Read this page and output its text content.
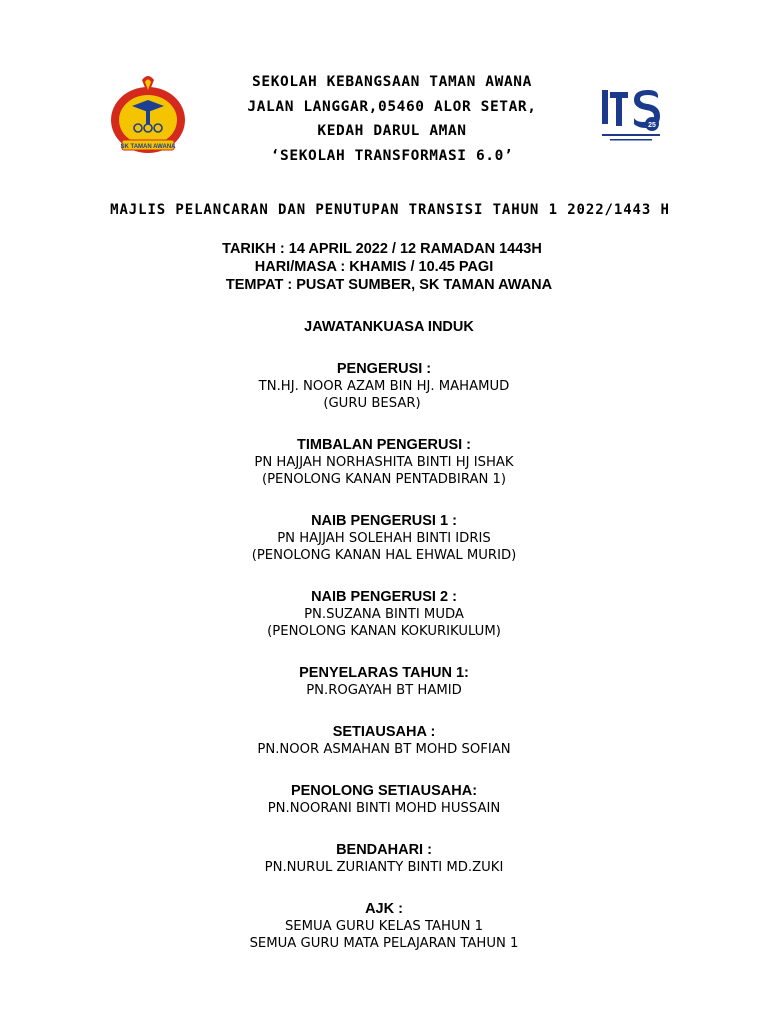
SK TAMAN AWANA
25
SEKOLAH KEBANGSAAN TAMAN AWANA
JALAN LANGGAR,05460 ALOR SETAR,
KEDAH DARUL AMAN
‘SEKOLAH TRANSFORMASI 6.0’
MAJLIS PELANCARAN DAN PENUTUPAN TRANSISI TAHUN 1 2022/1443 H
TARIKH : 14 APRIL 2022 / 12 RAMADAN 1443H
HARI/MASA : KHAMIS / 10.45 PAGI
TEMPAT : PUSAT SUMBER, SK TAMAN AWANA
JAWATANKUASA INDUK
PENGERUSI :
TN.HJ. NOOR AZAM BIN HJ. MAHAMUD
(GURU BESAR)
TIMBALAN PENGERUSI :
PN HAJJAH NORHASHITA BINTI HJ ISHAK
(PENOLONG KANAN PENTADBIRAN 1)
NAIB PENGERUSI 1 :
PN HAJJAH SOLEHAH BINTI IDRIS
(PENOLONG KANAN HAL EHWAL MURID)
NAIB PENGERUSI 2 :
PN.SUZANA BINTI MUDA
(PENOLONG KANAN KOKURIKULUM)
PENYELARAS TAHUN 1:
PN.ROGAYAH BT HAMID
SETIAUSAHA :
PN.NOOR ASMAHAN BT MOHD SOFIAN
PENOLONG SETIAUSAHA:
PN.NOORANI BINTI MOHD HUSSAIN
BENDAHARI :
PN.NURUL ZURIANTY BINTI MD.ZUKI
AJK :
SEMUA GURU KELAS TAHUN 1
SEMUA GURU MATA PELAJARAN TAHUN 1
